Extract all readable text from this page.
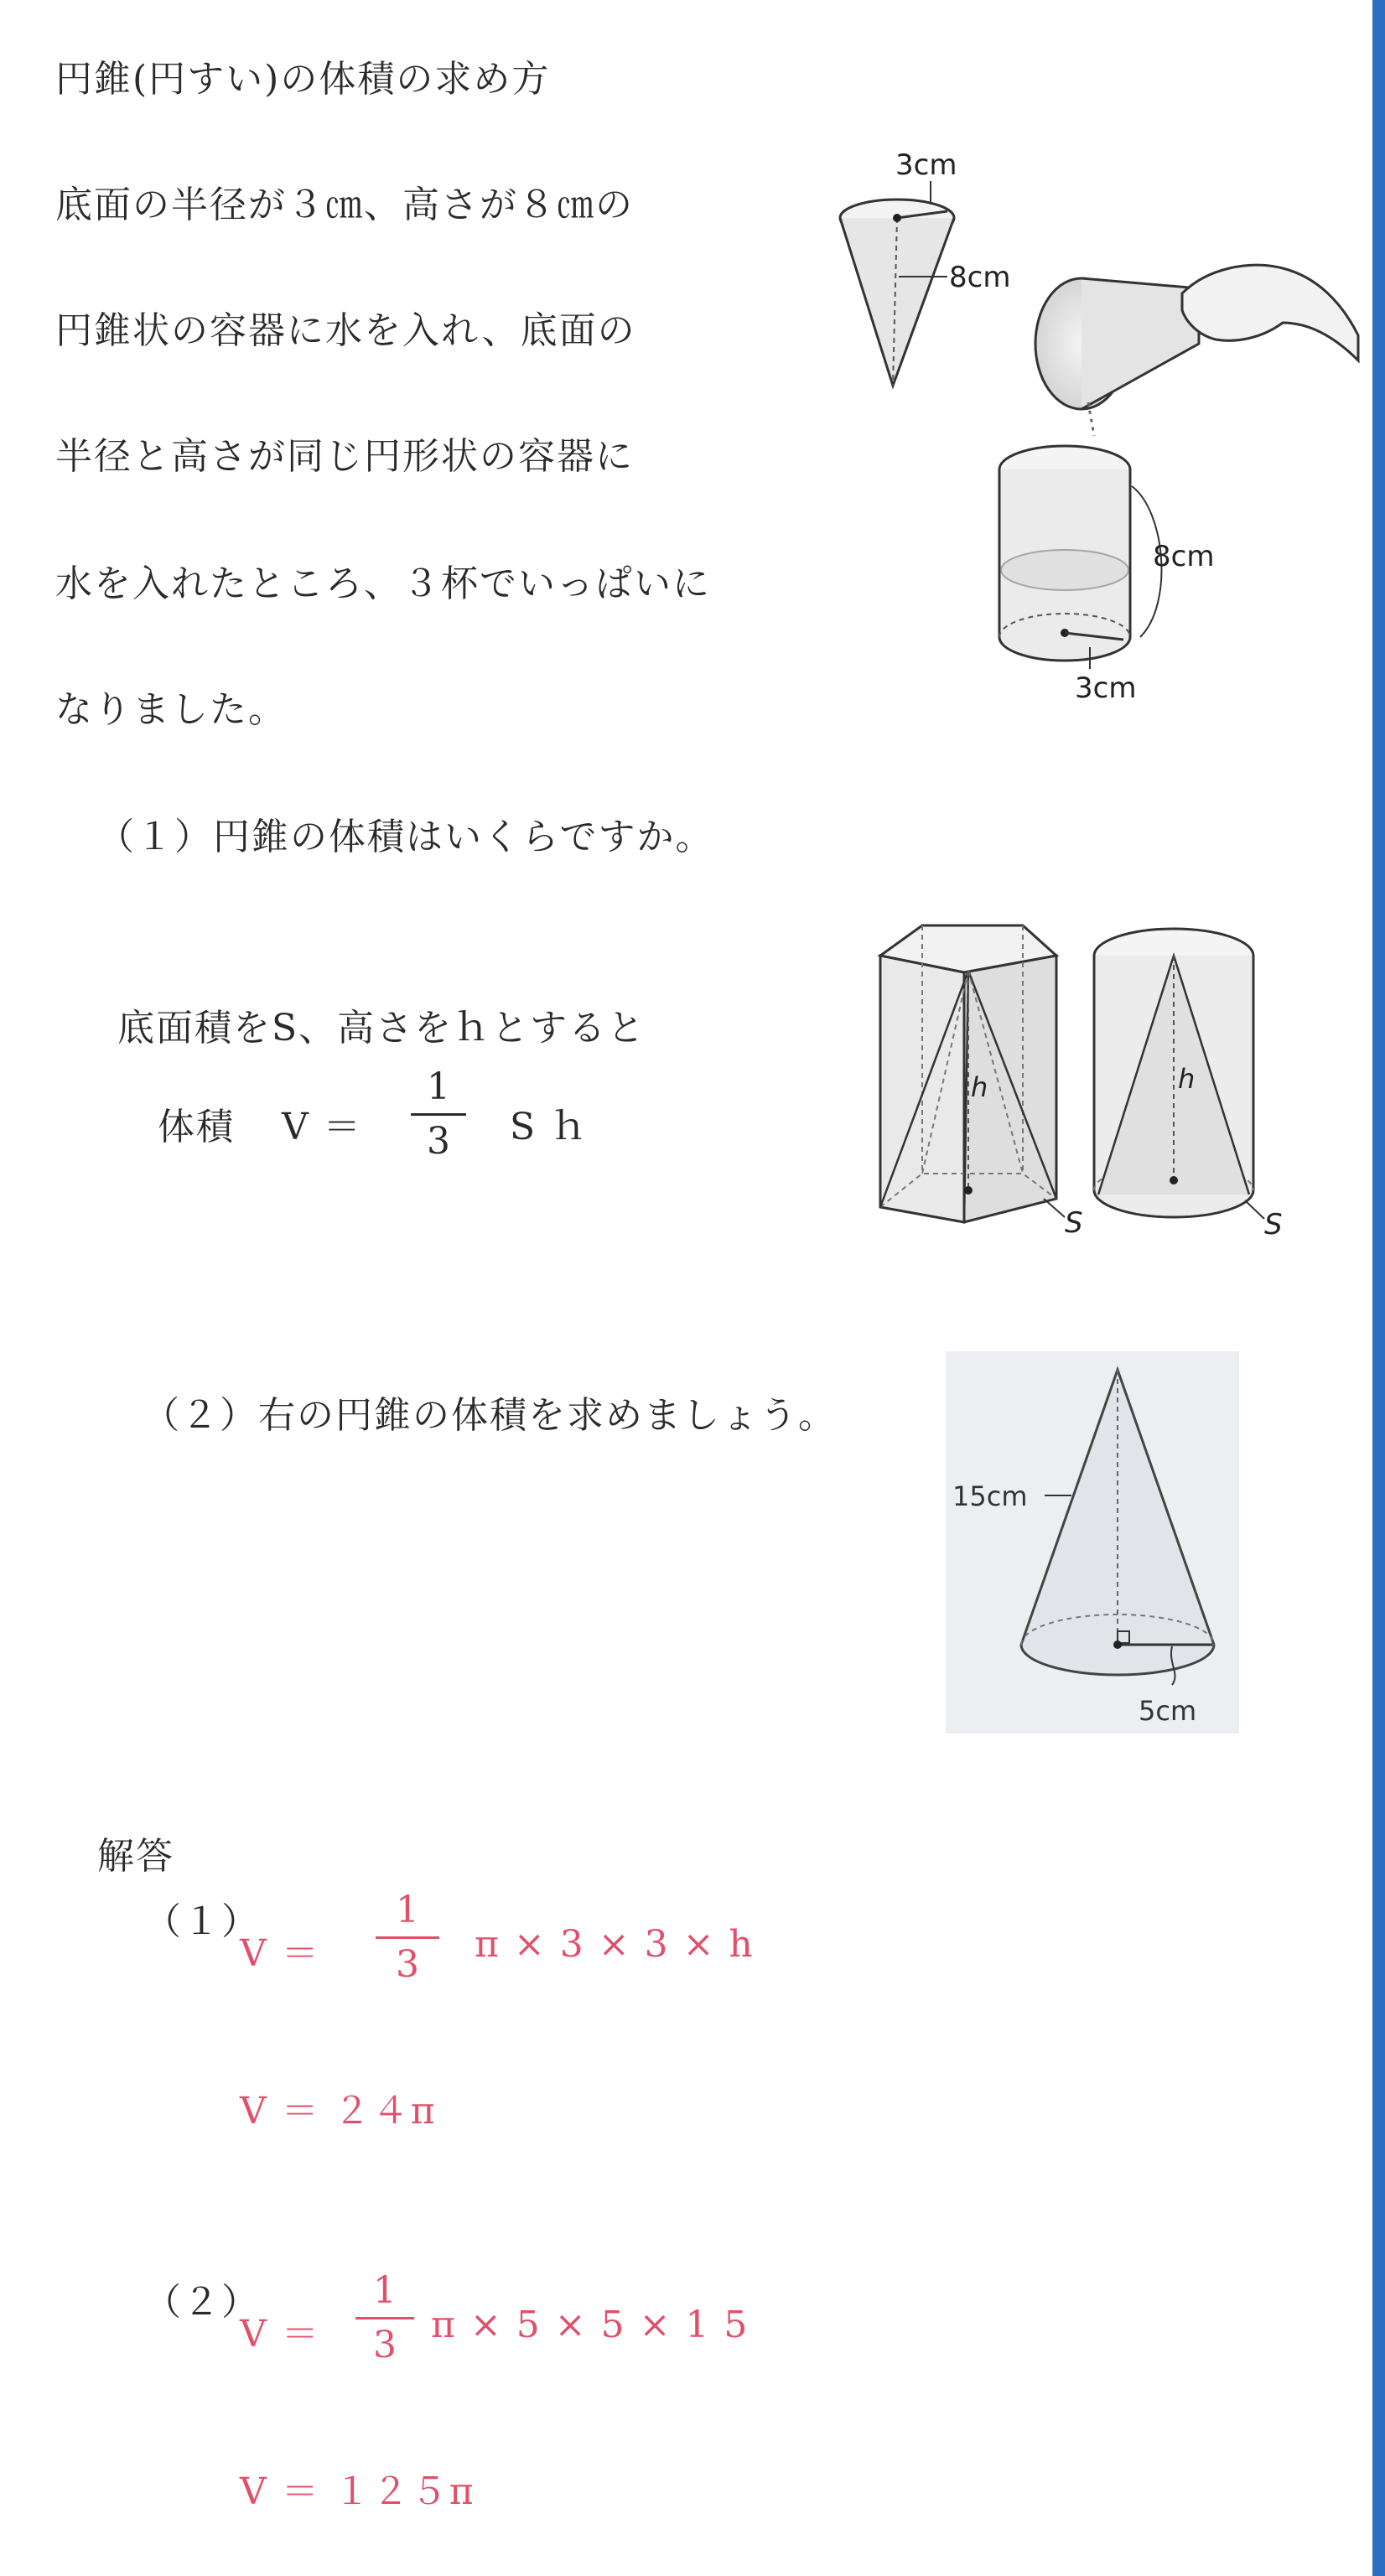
円錐(円すい)の体積の求め方
底面の半径が３㎝、高さが８㎝の
円錐状の容器に水を入れ、底面の
半径と高さが同じ円形状の容器に
水を入れたところ、３杯でいっぱいに
なりました。
3cm
8cm
8cm
3cm
（１）円錐の体積はいくらですか。
底面積をS、高さをｈとすると
体積 V ＝
1
3	S ｈ
h
S
h
S
（２）右の円錐の体積を求めましょう。
15cm
5cm
解答
（１）
V ＝
1
3	π × 3 × 3 × h
V ＝ ２４π
（２）
V ＝
1
3 π × 5 × 5 × 1 5
V ＝ １２５π
